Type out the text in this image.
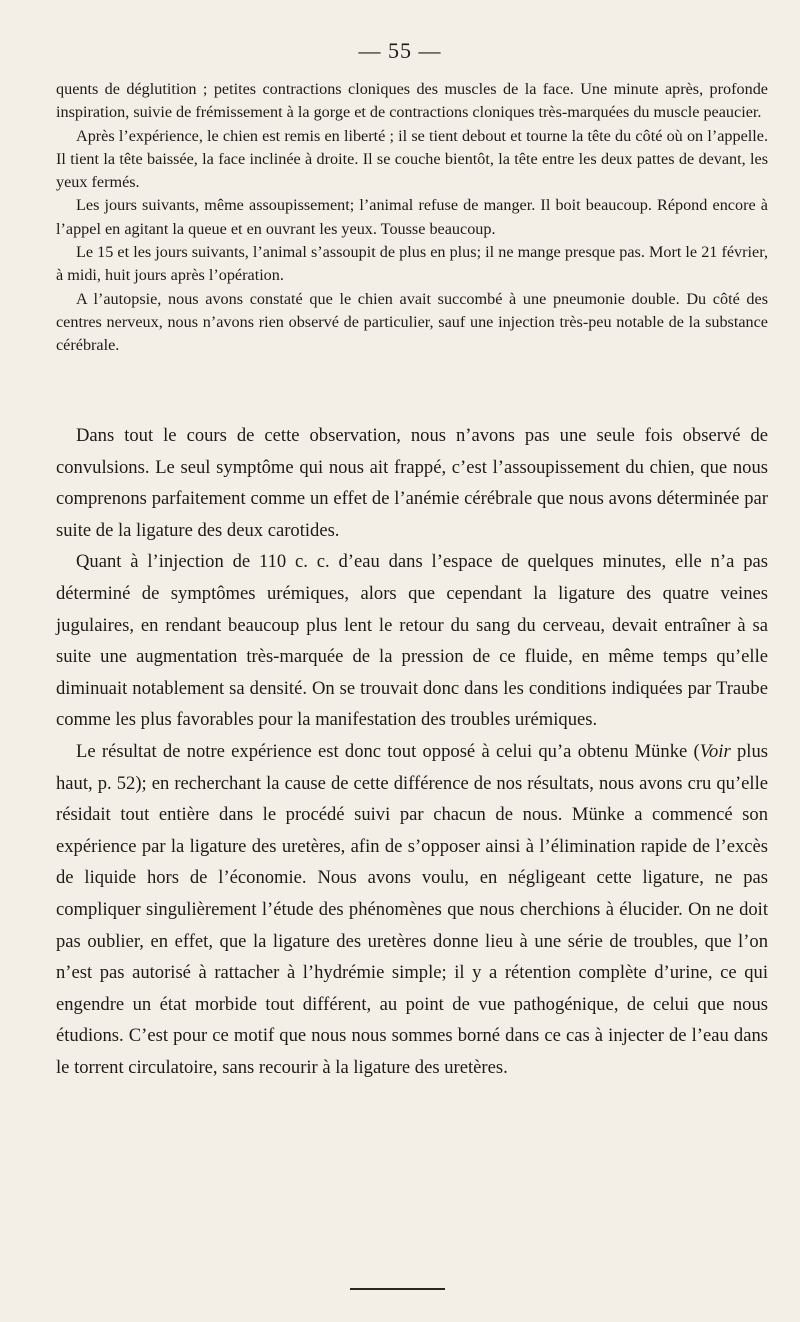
— 55 —

quents de déglutition ; petites contractions cloniques des muscles de la face. Une minute après, profonde inspiration, suivie de frémissement à la gorge et de contractions cloniques très-marquées du muscle peaucier.

Après l’expérience, le chien est remis en liberté ; il se tient debout et tourne la tête du côté où on l’appelle. Il tient la tête baissée, la face inclinée à droite. Il se couche bientôt, la tête entre les deux pattes de devant, les yeux fermés.

Les jours suivants, même assoupissement; l’animal refuse de manger. Il boit beaucoup. Répond encore à l’appel en agitant la queue et en ouvrant les yeux. Tousse beaucoup.

Le 15 et les jours suivants, l’animal s’assoupit de plus en plus; il ne mange presque pas. Mort le 21 février, à midi, huit jours après l’opération.

A l’autopsie, nous avons constaté que le chien avait succombé à une pneumonie double. Du côté des centres nerveux, nous n’avons rien observé de particulier, sauf une injection très-peu notable de la substance cérébrale.

Dans tout le cours de cette observation, nous n’avons pas une seule fois observé de convulsions. Le seul symptôme qui nous ait frappé, c’est l’assoupissement du chien, que nous comprenons parfaitement comme un effet de l’anémie cérébrale que nous avons déterminée par suite de la ligature des deux carotides.

Quant à l’injection de 110 c. c. d’eau dans l’espace de quelques minutes, elle n’a pas déterminé de symptômes urémiques, alors que cependant la ligature des quatre veines jugulaires, en rendant beaucoup plus lent le retour du sang du cerveau, devait entraîner à sa suite une augmentation très-marquée de la pression de ce fluide, en même temps qu’elle diminuait notablement sa densité. On se trouvait donc dans les conditions indiquées par Traube comme les plus favorables pour la manifestation des troubles urémiques.

Le résultat de notre expérience est donc tout opposé à celui qu’a obtenu Münke (Voir plus haut, p. 52); en recherchant la cause de cette différence de nos résultats, nous avons cru qu’elle résidait tout entière dans le procédé suivi par chacun de nous. Münke a commencé son expérience par la ligature des uretères, afin de s’opposer ainsi à l’élimination rapide de l’excès de liquide hors de l’économie. Nous avons voulu, en négligeant cette ligature, ne pas compliquer singulièrement l’étude des phénomènes que nous cherchions à élucider. On ne doit pas oublier, en effet, que la ligature des uretères donne lieu à une série de troubles, que l’on n’est pas autorisé à rattacher à l’hydrémie simple; il y a rétention complète d’urine, ce qui engendre un état morbide tout différent, au point de vue pathogénique, de celui que nous étudions. C’est pour ce motif que nous nous sommes borné dans ce cas à injecter de l’eau dans le torrent circulatoire, sans recourir à la ligature des uretères.
